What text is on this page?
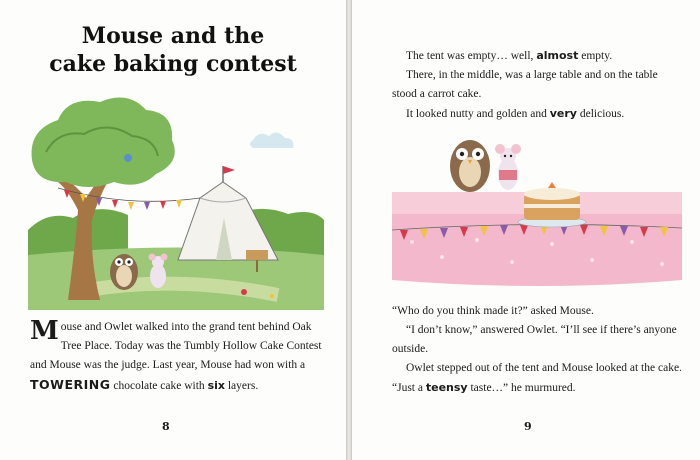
Mouse and the
cake baking contest

Mouse and Owlet walked into the grand tent behind Oak Tree Place. Today was the Tumbly Hollow Cake Contest and Mouse was the judge. Last year, Mouse had won with a TOWERING chocolate cake with six layers.

8

The tent was empty… well, almost empty.

There, in the middle, was a large table and on the table stood a carrot cake.

It looked nutty and golden and very delicious.

“Who do you think made it?” asked Mouse.

“I don’t know,” answered Owlet. “I’ll see if there’s anyone outside.

Owlet stepped out of the tent and Mouse looked at the cake. “Just a teensy taste…” he murmured.

9
